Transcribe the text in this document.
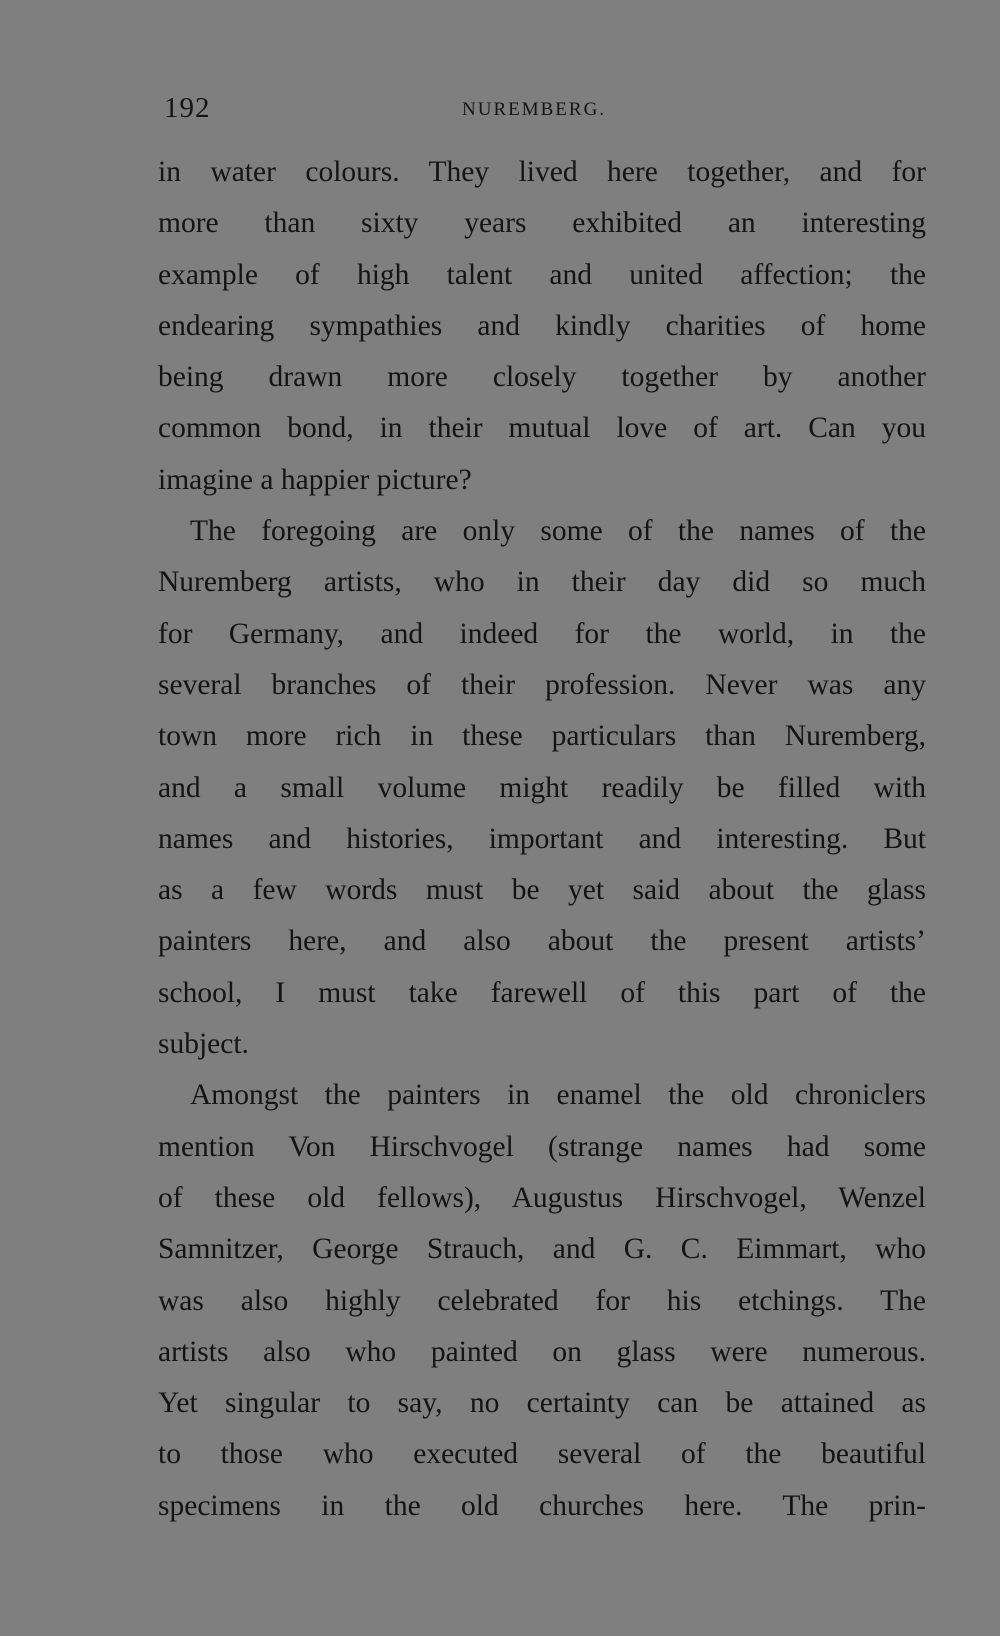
192	NUREMBERG.
in water colours. They lived here together, and for
more than sixty years exhibited an interesting
example of high talent and united affection; the
endearing sympathies and kindly charities of home
being drawn more closely together by another
common bond, in their mutual love of art. Can you
imagine a happier picture?
The foregoing are only some of the names of the
Nuremberg artists, who in their day did so much
for Germany, and indeed for the world, in the
several branches of their profession. Never was any
town more rich in these particulars than Nuremberg,
and a small volume might readily be filled with
names and histories, important and interesting. But
as a few words must be yet said about the glass
painters here, and also about the present artists’
school, I must take farewell of this part of the
subject.
Amongst the painters in enamel the old chroniclers
mention Von Hirschvogel (strange names had some
of these old fellows), Augustus Hirschvogel, Wenzel
Samnitzer, George Strauch, and G. C. Eimmart, who
was also highly celebrated for his etchings. The
artists also who painted on glass were numerous.
Yet singular to say, no certainty can be attained as
to those who executed several of the beautiful
specimens in the old churches here. The prin-
